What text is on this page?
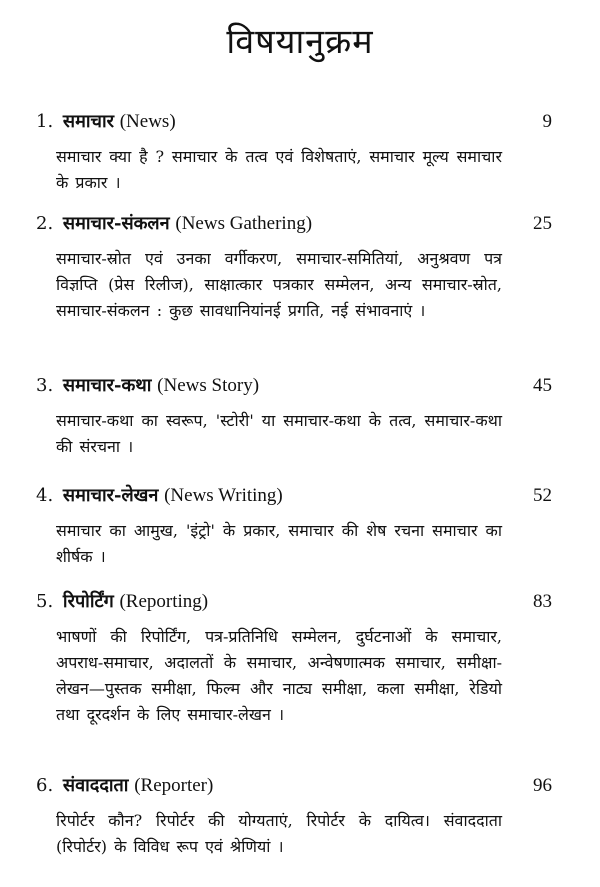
विषयानुक्रम
1. समाचार (News)	9
समाचार क्या है ? समाचार के तत्व एवं विशेषताएं, समाचार मूल्य समाचार के प्रकार ।
2. समाचार-संकलन (News Gathering)	25
समाचार-स्रोत एवं उनका वर्गीकरण, समाचार-समितियां, अनुश्रवण पत्र विज्ञप्ति (प्रेस रिलीज), साक्षात्कार पत्रकार सम्मेलन, अन्य समाचार-स्रोत, समाचार-संकलन : कुछ सावधानियांनई प्रगति, नई संभावनाएं ।
3. समाचार-कथा (News Story)	45
समाचार-कथा का स्वरूप, 'स्टोरी' या समाचार-कथा के तत्व, समाचार-कथा की संरचना ।
4. समाचार-लेखन (News Writing)	52
समाचार का आमुख, 'इंट्रो' के प्रकार, समाचार की शेष रचना समाचार का शीर्षक ।
5. रिपोर्टिंग (Reporting)	83
भाषणों की रिपोर्टिंग, पत्र-प्रतिनिधि सम्मेलन, दुर्घटनाओं के समाचार, अपराध-समाचार, अदालतों के समाचार, अन्वेषणात्मक समाचार, समीक्षा-लेखन—पुस्तक समीक्षा, फिल्म और नाट्य समीक्षा, कला समीक्षा, रेडियो तथा दूरदर्शन के लिए समाचार-लेखन ।
6. संवाददाता (Reporter)	96
रिपोर्टर कौन? रिपोर्टर की योग्यताएं, रिपोर्टर के दायित्व। संवाददाता (रिपोर्टर) के विविध रूप एवं श्रेणियां ।
